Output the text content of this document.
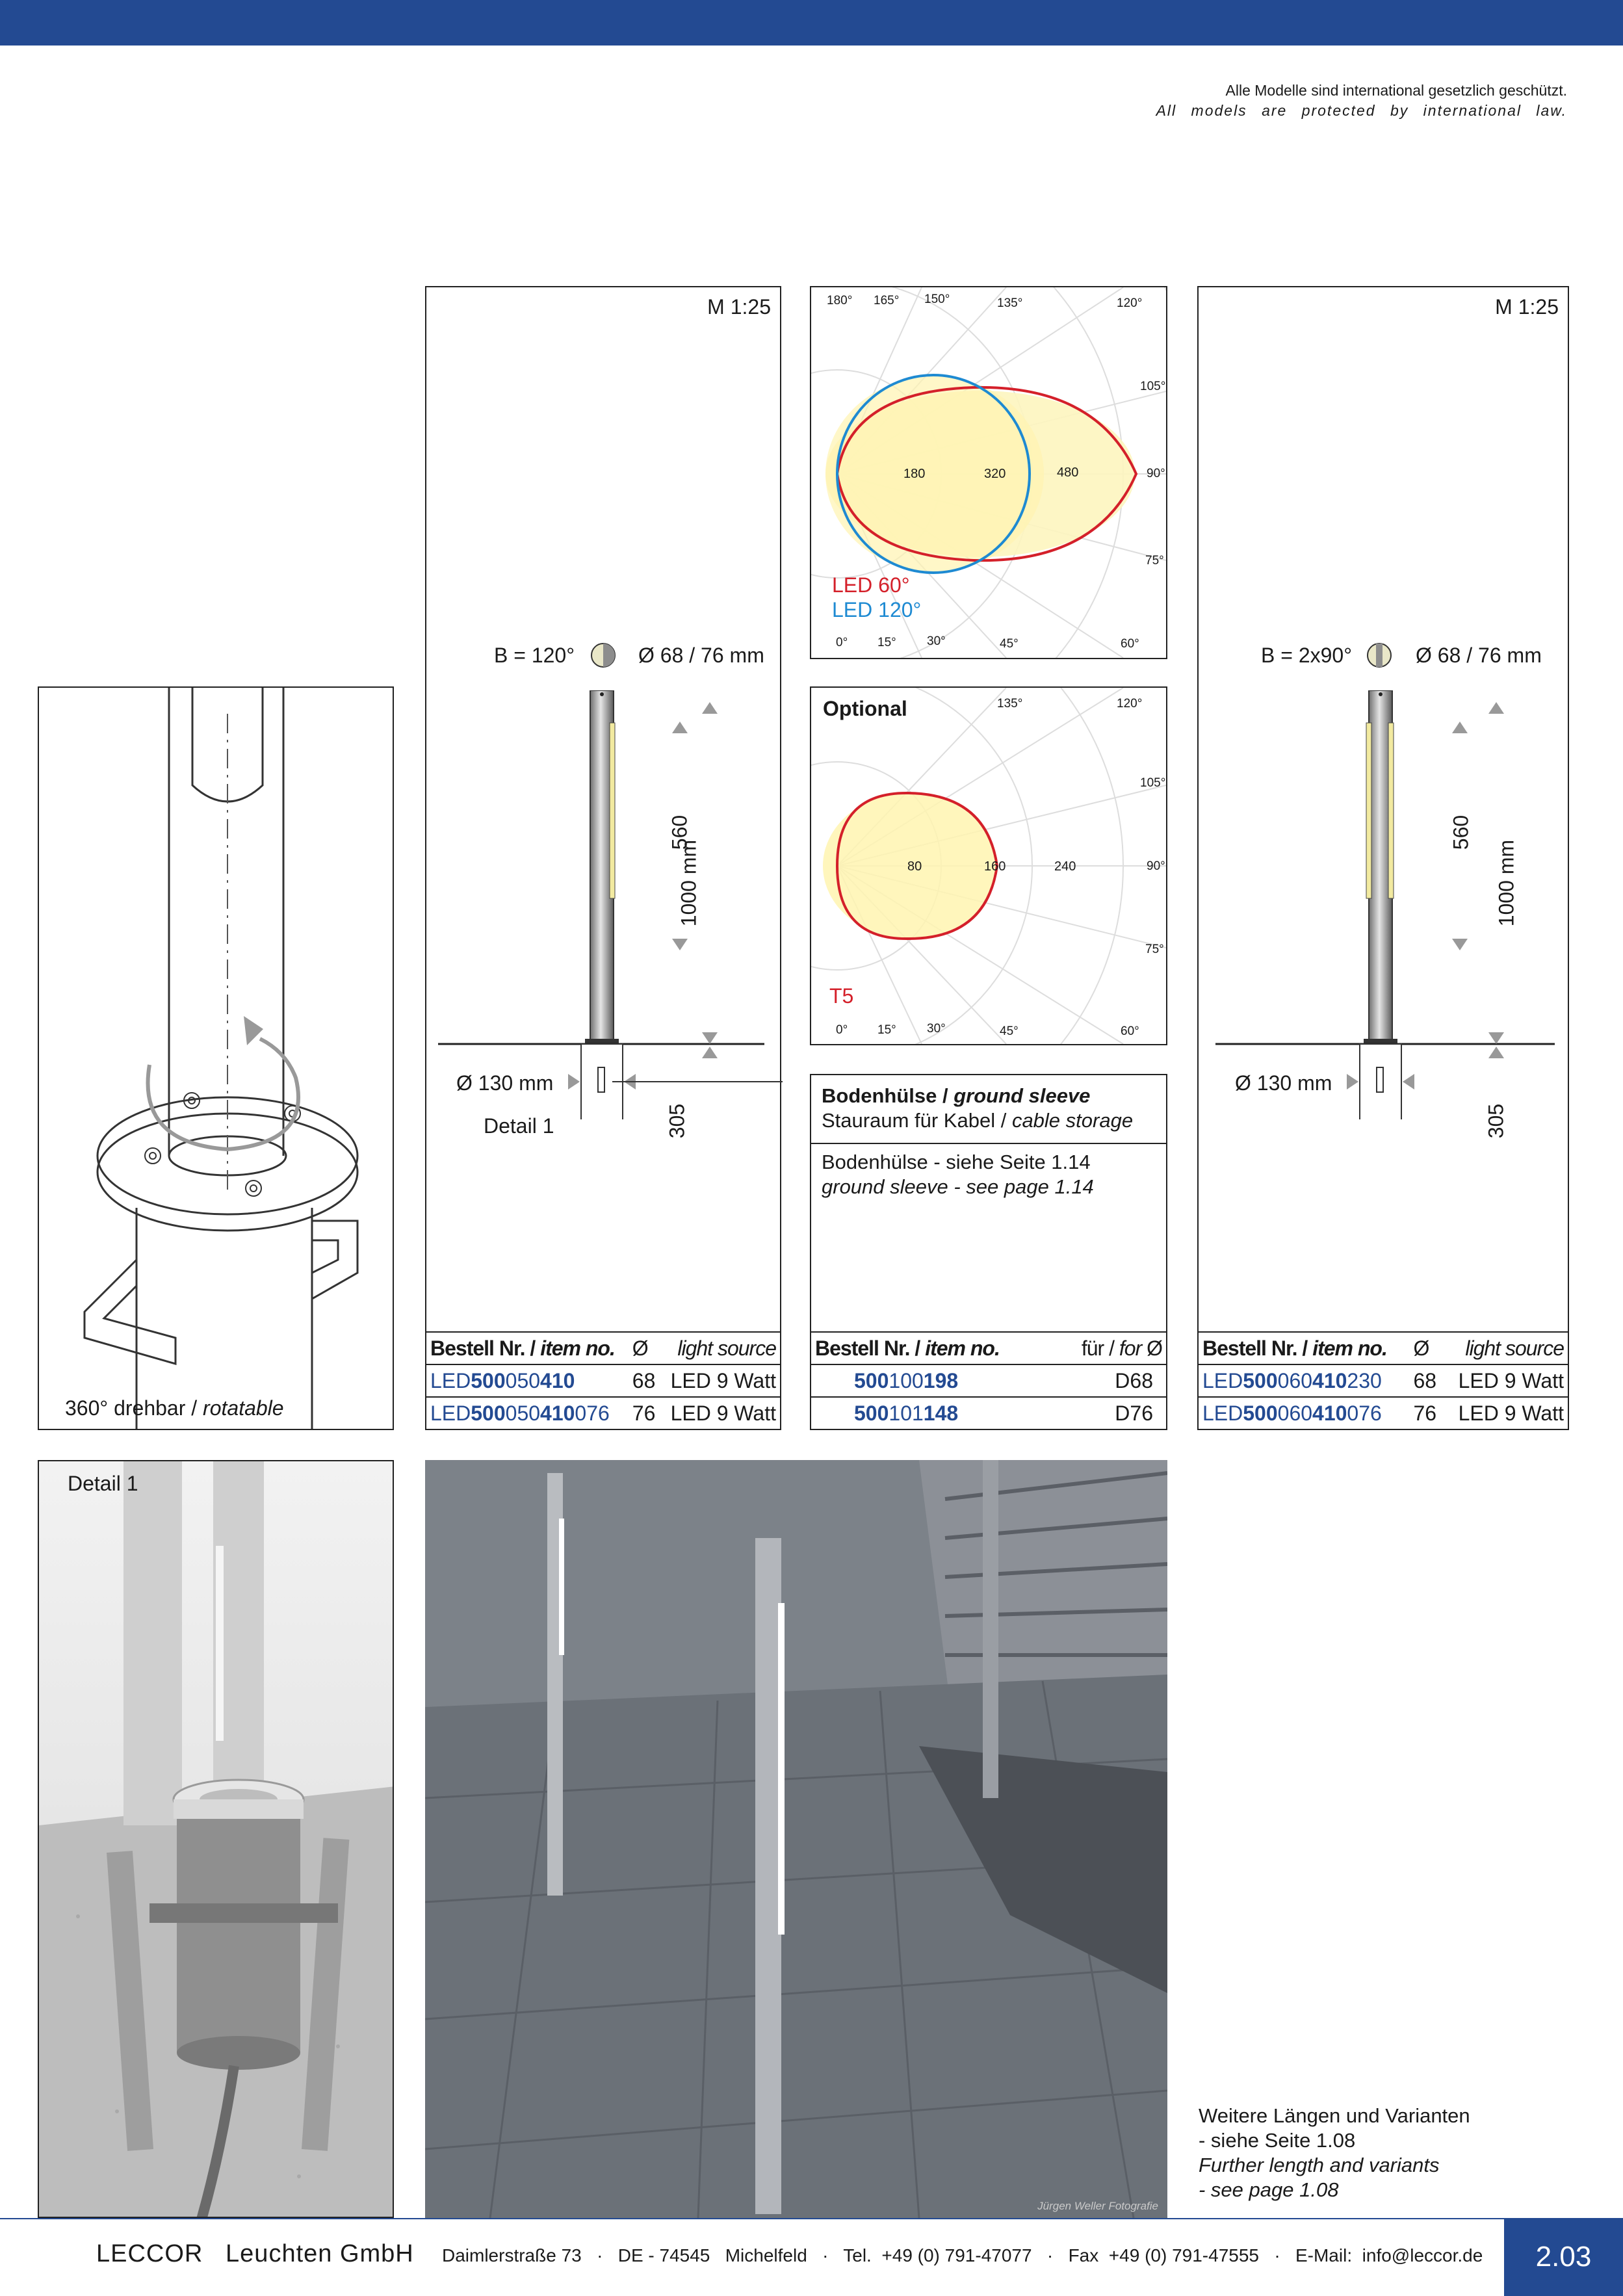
Alle Modelle sind international gesetzlich geschützt.
All models are protected by international law.
360° drehbar / rotatable
M 1:25
B = 120°	Ø 68 / 76 mm
560
1000 mm
305
Ø 130 mm
Detail 1
Bestell Nr. / item no.	Ø	light source
LED500050410	68	LED 9 Watt
LED500050410076	76	LED 9 Watt
180° 165° 150°	135°	120°
105°
90°
75°
0° 15° 30°	45°	60°
180	320	480
LED 60°
LED 120°
Optional	135°	120°
105°
90°
75°
0° 15° 30°	45°	60°
80	160	240
T5
Bodenhülse / ground sleeve
Stauraum für Kabel / cable storage
Bodenhülse - siehe Seite 1.14
ground sleeve - see page 1.14
Bestell Nr. / item no.	für / for Ø
500100198	D68
500101148	D76
M 1:25
B = 2x90°	Ø 68 / 76 mm
560
1000 mm
305
Ø 130 mm
Bestell Nr. / item no.	Ø	light source
LED500060410230	68	LED 9 Watt
LED500060410076	76	LED 9 Watt
Detail 1
Jürgen Weller Fotografie
Weitere Längen und Varianten
- siehe Seite 1.08
Further length and variants
- see page 1.08
LECCOR   Leuchten GmbH Daimlerstraße 73   ·   DE - 74545   Michelfeld   ·   Tel.  +49 (0) 791-47077   ·   Fax  +49 (0) 791-47555   ·   E-Mail:  info@leccor.de	2.03
